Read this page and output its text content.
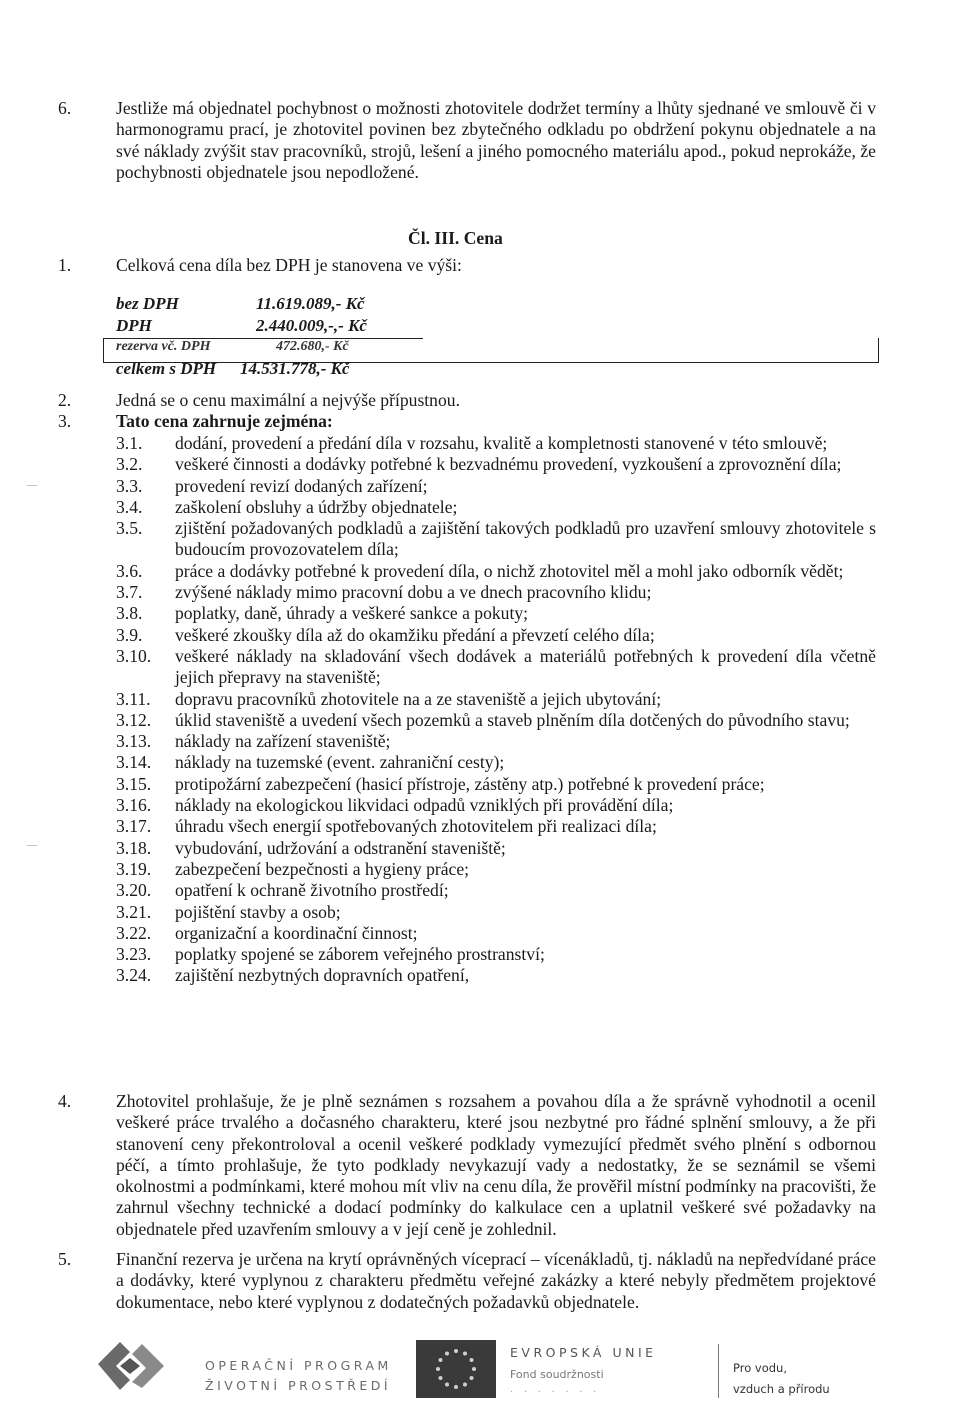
6.	Jestliže má objednatel pochybnost o možnosti zhotovitele dodržet termíny a lhůty sjednané ve smlouvě či v harmonogramu prací, je zhotovitel povinen bez zbytečného odkladu po obdržení pokynu objednatele a na své náklady zvýšit stav pracovníků, strojů, lešení a jiného pomocného materiálu apod., pokud neprokáže, že pochybnosti objednatele jsou nepodložené.
Čl. III. Cena
1.	Celková cena díla bez DPH je stanovena ve výši:
bez DPH	11.619.089,- Kč
DPH	2.440.009,-,- Kč
rezerva vč. DPH	472.680,- Kč
celkem s DPH 14.531.778,- Kč
2.	Jedná se o cenu maximální a nejvýše přípustnou.
3.	Tato cena zahrnuje zejména:
3.1. dodání, provedení a předání díla v rozsahu, kvalitě a kompletnosti stanovené v této smlouvě;
3.2. veškeré činnosti a dodávky potřebné k bezvadnému provedení, vyzkoušení a zprovoznění díla;
3.3. provedení revizí dodaných zařízení;
3.4. zaškolení obsluhy a údržby objednatele;
3.5. zjištění požadovaných podkladů a zajištění takových podkladů pro uzavření smlouvy zhotovitele s budoucím provozovatelem díla;
3.6. práce a dodávky potřebné k provedení díla, o nichž zhotovitel měl a mohl jako odborník vědět;
3.7. zvýšené náklady mimo pracovní dobu a ve dnech pracovního klidu;
3.8. poplatky, daně, úhrady a veškeré sankce a pokuty;
3.9. veškeré zkoušky díla až do okamžiku předání a převzetí celého díla;
3.10. veškeré náklady na skladování všech dodávek a materiálů potřebných k provedení díla včetně jejich přepravy na staveniště;
3.11. dopravu pracovníků zhotovitele na a ze staveniště a jejich ubytování;
3.12. úklid staveniště a uvedení všech pozemků a staveb plněním díla dotčených do původního stavu;
3.13. náklady na zařízení staveniště;
3.14. náklady na tuzemské (event. zahraniční cesty);
3.15. protipožární zabezpečení (hasicí přístroje, zástěny atp.) potřebné k provedení práce;
3.16. náklady na ekologickou likvidaci odpadů vzniklých při provádění díla;
3.17. úhradu všech energií spotřebovaných zhotovitelem při realizaci díla;
3.18. vybudování, udržování a odstranění staveniště;
3.19. zabezpečení bezpečnosti a hygieny práce;
3.20. opatření k ochraně životního prostředí;
3.21. pojištění stavby a osob;
3.22. organizační a koordinační činnost;
3.23. poplatky spojené se záborem veřejného prostranství;
3.24. zajištění nezbytných dopravních opatření,
4.	Zhotovitel prohlašuje, že je plně seznámen s rozsahem a povahou díla a že správně vyhodnotil a ocenil veškeré práce trvalého a dočasného charakteru, které jsou nezbytné pro řádné splnění smlouvy, a že při stanovení ceny překontroloval a ocenil veškeré podklady vymezující předmět svého plnění s odbornou péčí, a tímto prohlašuje, že tyto podklady nevykazují vady a nedostatky, že se seznámil se všemi okolnostmi a podmínkami, které mohou mít vliv na cenu díla, že prověřil místní podmínky na pracovišti, že zahrnul všechny technické a dodací podmínky do kalkulace cen a uplatnil veškeré své požadavky na objednatele před uzavřením smlouvy a v její ceně je zohlednil.
5.	Finanční rezerva je určena na krytí oprávněných víceprací – vícenákladů, tj. nákladů na nepředvídané práce a dodávky, které vyplynou z charakteru předmětu veřejné zakázky a které nebyly předmětem projektové dokumentace, nebo které vyplynou z dodatečných požadavků objednatele.
—
—
OPERAČNÍ PROGRAM
ŽIVOTNÍ PROSTŘEDÍ
EVROPSKÁ UNIE
Fond soudržnosti
· · · · · · ·
Pro vodu,
vzduch a přírodu
